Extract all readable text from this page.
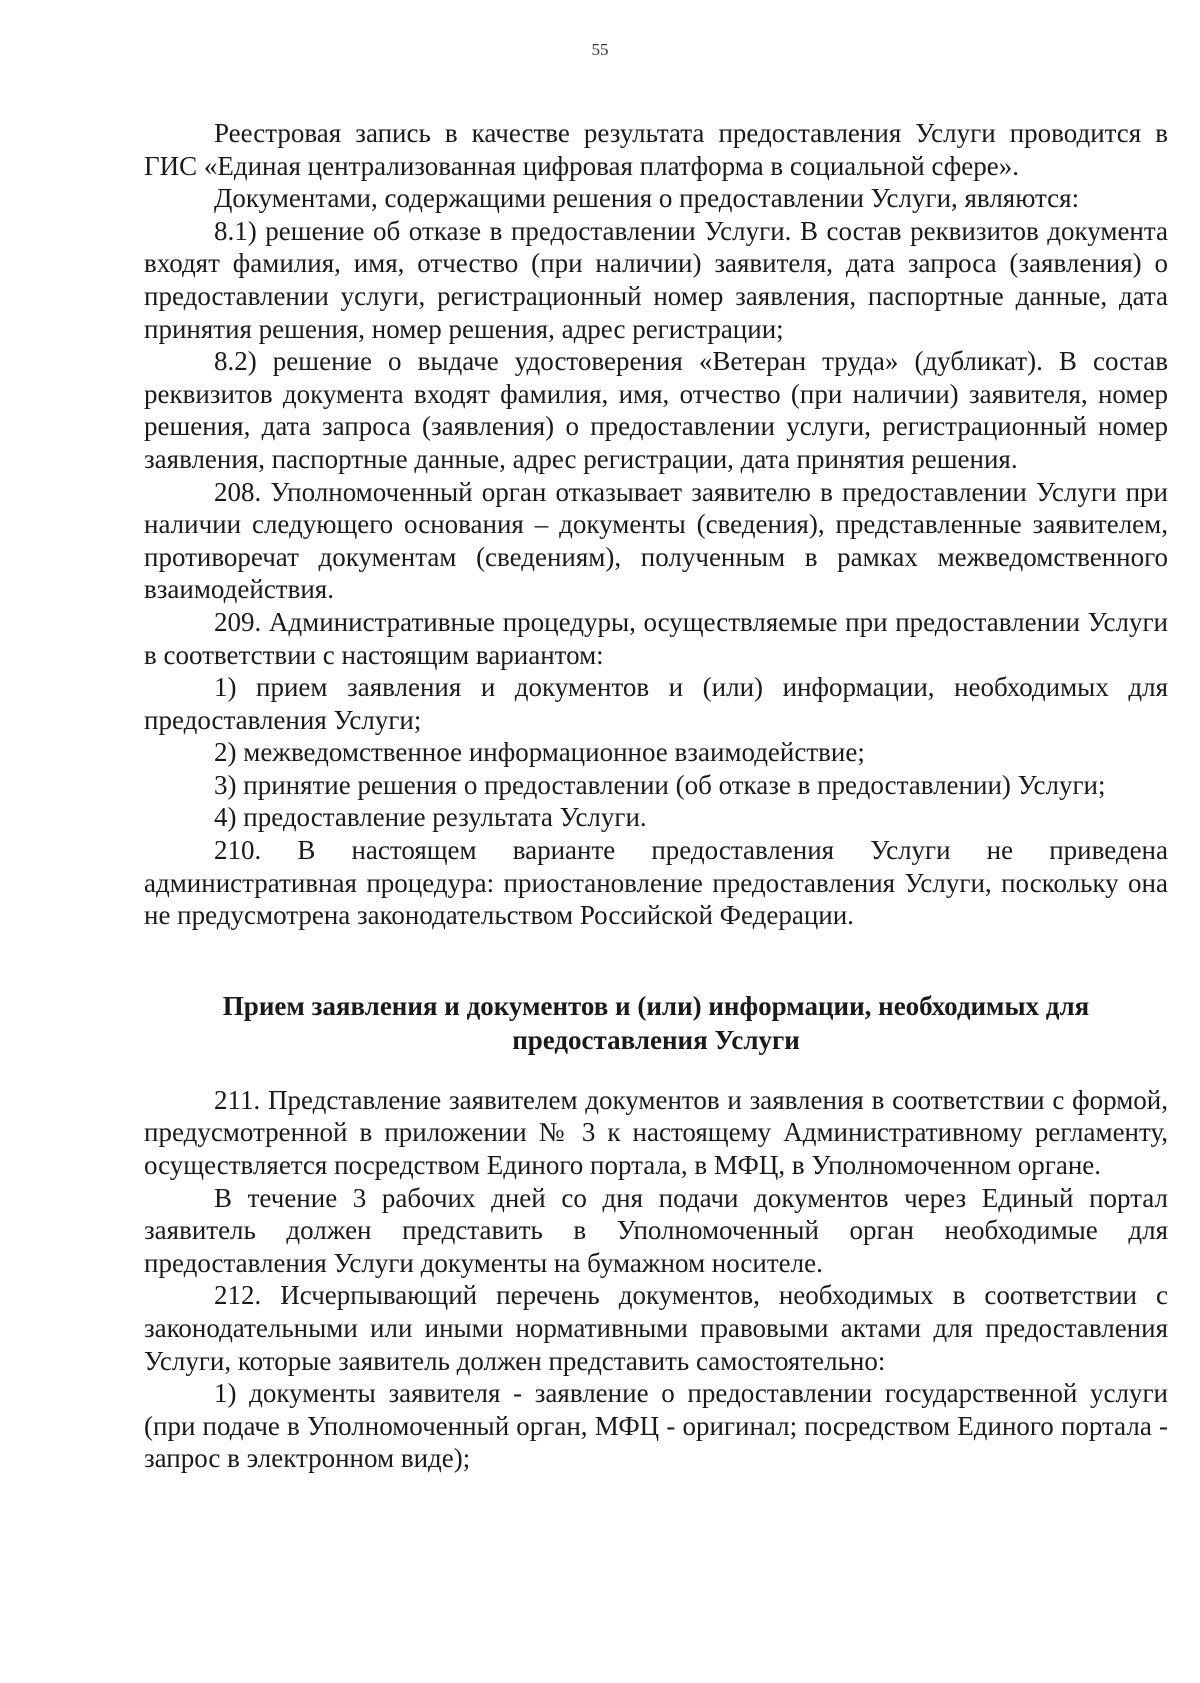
55

Реестровая запись в качестве результата предоставления Услуги проводится в ГИС «Единая централизованная цифровая платформа в социальной сфере».

Документами, содержащими решения о предоставлении Услуги, являются:

8.1) решение об отказе в предоставлении Услуги. В состав реквизитов документа входят фамилия, имя, отчество (при наличии) заявителя, дата запроса (заявления) о предоставлении услуги, регистрационный номер заявления, паспортные данные, дата принятия решения, номер решения, адрес регистрации;

8.2) решение о выдаче удостоверения «Ветеран труда» (дубликат). В состав реквизитов документа входят фамилия, имя, отчество (при наличии) заявителя, номер решения, дата запроса (заявления) о предоставлении услуги, регистрационный номер заявления, паспортные данные, адрес регистрации, дата принятия решения.

208. Уполномоченный орган отказывает заявителю в предоставлении Услуги при наличии следующего основания – документы (сведения), представленные заявителем, противоречат документам (сведениям), полученным в рамках межведомственного взаимодействия.

209. Административные процедуры, осуществляемые при предоставлении Услуги в соответствии с настоящим вариантом:

1) прием заявления и документов и (или) информации, необходимых для предоставления Услуги;

2) межведомственное информационное взаимодействие;

3) принятие решения о предоставлении (об отказе в предоставлении) Услуги;

4) предоставление результата Услуги.

210. В настоящем варианте предоставления Услуги не приведена административная процедура: приостановление предоставления Услуги, поскольку она не предусмотрена законодательством Российской Федерации.

Прием заявления и документов и (или) информации, необходимых для
предоставления Услуги

211. Представление заявителем документов и заявления в соответствии с формой, предусмотренной в приложении № 3 к настоящему Административному регламенту, осуществляется посредством Единого портала, в МФЦ, в Уполномоченном органе.

В течение 3 рабочих дней со дня подачи документов через Единый портал заявитель должен представить в Уполномоченный орган необходимые для предоставления Услуги документы на бумажном носителе.

212. Исчерпывающий перечень документов, необходимых в соответствии с законодательными или иными нормативными правовыми актами для предоставления Услуги, которые заявитель должен представить самостоятельно:

1) документы заявителя - заявление о предоставлении государственной услуги (при подаче в Уполномоченный орган, МФЦ - оригинал; посредством Единого портала - запрос в электронном виде);
